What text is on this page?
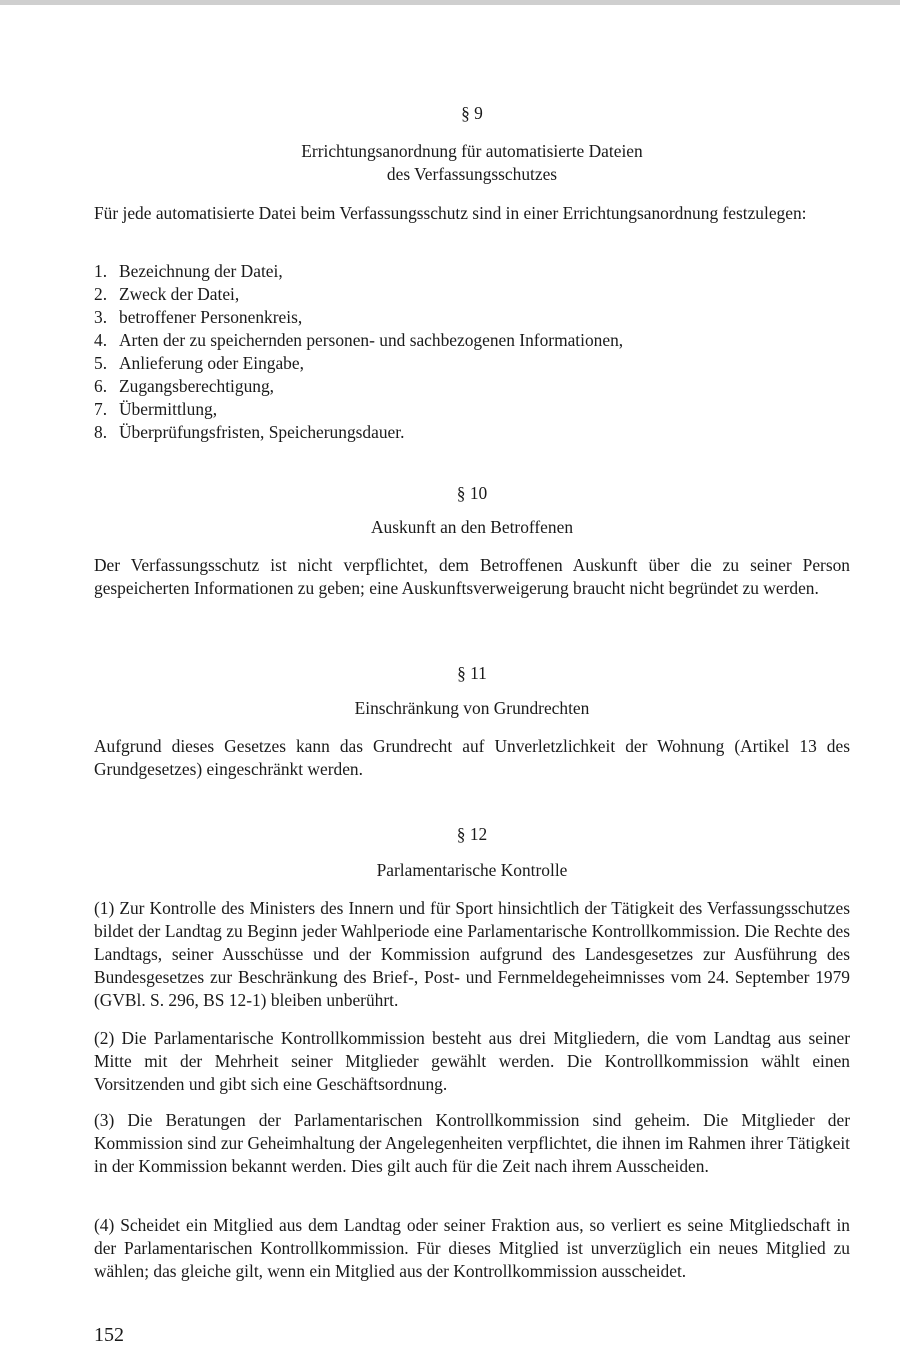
§ 9

Errichtungsanordnung für automatisierte Dateien

des Verfassungsschutzes

Für jede automatisierte Datei beim Verfassungsschutz sind in einer Errichtungsanordnung festzulegen:

1. Bezeichnung der Datei,
2. Zweck der Datei,
3. betroffener Personenkreis,
4. Arten der zu speichernden personen- und sachbezogenen Informationen,
5. Anlieferung oder Eingabe,
6. Zugangsberechtigung,
7. Übermittlung,
8. Überprüfungsfristen, Speicherungsdauer.

§ 10

Auskunft an den Betroffenen

Der Verfassungsschutz ist nicht verpflichtet, dem Betroffenen Auskunft über die zu seiner Person gespeicherten Informationen zu geben; eine Auskunftsverweigerung braucht nicht begründet zu werden.

§ 11

Einschränkung von Grundrechten

Aufgrund dieses Gesetzes kann das Grundrecht auf Unverletzlichkeit der Wohnung (Artikel 13 des Grundgesetzes) eingeschränkt werden.

§ 12

Parlamentarische Kontrolle

(1) Zur Kontrolle des Ministers des Innern und für Sport hinsichtlich der Tätigkeit des Verfassungsschutzes bildet der Landtag zu Beginn jeder Wahlperiode eine Parlamentarische Kontrollkommission. Die Rechte des Landtags, seiner Ausschüsse und der Kommission aufgrund des Landesgesetzes zur Ausführung des Bundesgesetzes zur Beschränkung des Brief-, Post- und Fernmeldegeheimnisses vom 24. September 1979 (GVBl. S. 296, BS 12-1) bleiben unberührt.

(2) Die Parlamentarische Kontrollkommission besteht aus drei Mitgliedern, die vom Landtag aus seiner Mitte mit der Mehrheit seiner Mitglieder gewählt werden. Die Kontrollkommission wählt einen Vorsitzenden und gibt sich eine Geschäftsordnung.

(3) Die Beratungen der Parlamentarischen Kontrollkommission sind geheim. Die Mitglieder der Kommission sind zur Geheimhaltung der Angelegenheiten verpflichtet, die ihnen im Rahmen ihrer Tätigkeit in der Kommission bekannt werden. Dies gilt auch für die Zeit nach ihrem Ausscheiden.

(4) Scheidet ein Mitglied aus dem Landtag oder seiner Fraktion aus, so verliert es seine Mitgliedschaft in der Parlamentarischen Kontrollkommission. Für dieses Mitglied ist unverzüglich ein neues Mitglied zu wählen; das gleiche gilt, wenn ein Mitglied aus der Kontrollkommission ausscheidet.

152
